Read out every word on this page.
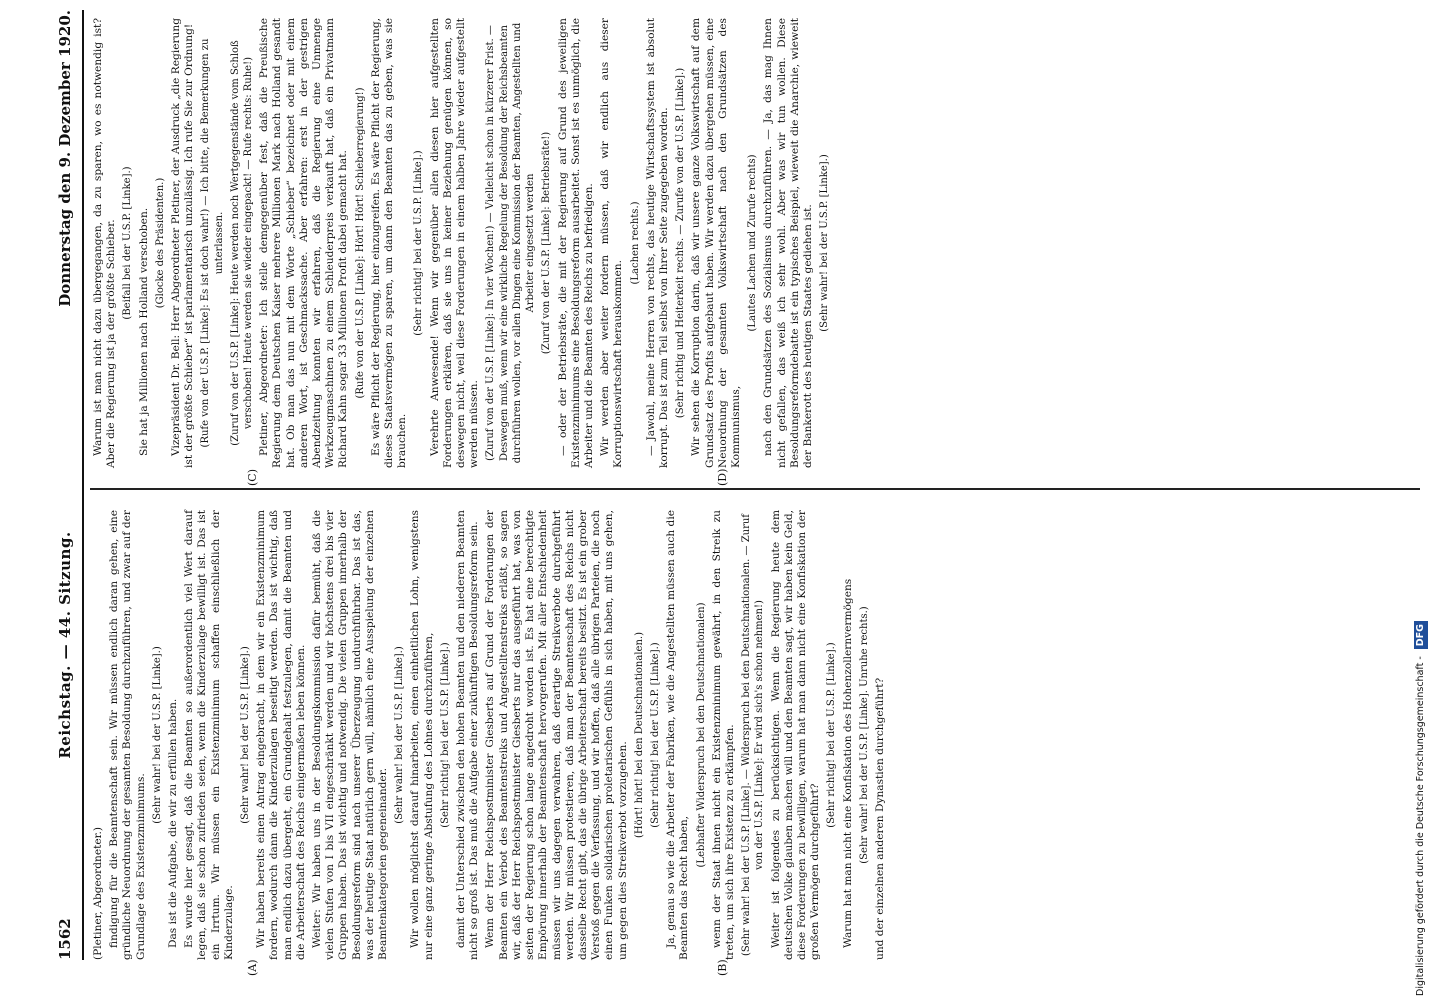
1562
Reichstag. — 44. Sitzung.
Donnerstag den 9. Dezember 1920.
(A)	(B)
(C)	(D)

(Pletiner, Abgeordneter.) findigung für die Beamtenschaft sein. Wir müssen endlich daran gehen, eine gründliche Neuordnung der gesamten Besoldung durchzuführen, und zwar auf der Grundlage des Existenzminimums.

(Sehr wahr! bei der U.S.P. [Linke].) Das ist die Aufgabe, die wir zu erfüllen haben. Es wurde hier gesagt, daß die Beamten so außerordentlich viel Wert darauf legen, daß sie schon zufrieden seien, wenn die Kinderzulage bewilligt ist. Das ist ein Irrtum. Wir müssen ein Existenzminimum schaffen einschließlich der Kinderzulage.

(Sehr wahr! bei der U.S.P. [Linke].) Wir haben bereits einen Antrag eingebracht, in dem wir ein Existenzminimum fordern, wodurch dann die Kinderzulagen beseitigt werden. Das ist wichtig, daß man endlich dazu übergeht, ein Grundgehalt festzulegen, damit die Beamten und die Arbeiterschaft des Reichs einigermaßen leben können. Weiter: Wir haben uns in der Besoldungskommission dafür bemüht, daß die vielen Stufen von I bis VII eingeschränkt werden und wir höchstens drei bis vier Gruppen haben. Das ist wichtig und notwendig. Die vielen Gruppen innerhalb der Besoldungsreform sind nach unserer Überzeugung undurchführbar. Das ist das, was der heutige Staat natürlich gern will, nämlich eine Ausspielung der einzelnen Beamtenkategorien gegeneinander.

(Sehr wahr! bei der U.S.P. [Linke].) Wir wollen möglichst darauf hinarbeiten, einen einheitlichen Lohn, wenigstens nur eine ganz geringe Abstufung des Lohnes durchzuführen, (Sehr richtig! bei der U.S.P. [Linke].) damit der Unterschied zwischen den hohen Beamten und den niederen Beamten nicht so groß ist. Das muß die Aufgabe einer zukünftigen Besoldungsreform sein. Wenn der Herr Reichspostminister Giesberts auf Grund der Forderungen der Beamten ein Verbot des Beamtenstreiks und Angestelltenstreiks erläßt, so sagen wir, daß der Herr Reichspostminister Giesberts nur das ausgeführt hat, was von seiten der Regierung schon lange angedroht worden ist. Es hat eine berechtigte Empörung innerhalb der Beamtenschaft hervorgerufen. Mit aller Entschiedenheit müssen wir uns dagegen verwahren, daß derartige Streikverbote durchgeführt werden. Wir müssen protestieren, daß man der Beamtenschaft des Reichs nicht dasselbe Recht gibt, das die übrige Arbeiterschaft bereits besitzt. Es ist ein grober Verstoß gegen die Verfassung, und wir hoffen, daß alle übrigen Parteien, die noch einen Funken solidarischen proletarischen Gefühls in sich haben, mit uns gehen, um gegen dies Streikverbot vorzugehen.

(Hört! hört! bei den Deutschnationalen.) (Sehr richtig! bei der U.S.P. [Linke].) Ja, genau so wie die Arbeiter der Fabriken, wie die Angestellten müssen auch die Beamten das Recht haben,

(Lebhafter Widerspruch bei den Deutschnationalen) wenn der Staat ihnen nicht ein Existenzminimum gewährt, in den Streik zu treten, um sich ihre Existenz zu erkämpfen. (Sehr wahr! bei der U.S.P. [Linke]. — Widerspruch bei den Deutschnationalen. — Zuruf von der U.S.P. [Linke]: Er wird sich's schon nehmen!) Weiter ist folgendes zu berücksichtigen. Wenn die Regierung heute dem deutschen Volke glauben machen will und den Beamten sagt, wir haben kein Geld, diese Forderungen zu bewilligen, warum hat man dann nicht eine Konfiskation der großen Vermögen durchgeführt?

(Sehr richtig! bei der U.S.P. [Linke].) Warum hat man nicht eine Konfiskation des Hohenzollernvermögens (Sehr wahr! bei der U.S.P. [Linke]. Unruhe rechts.) und der einzelnen anderen Dynastien durchgeführt?

Warum ist man nicht dazu übergegangen, da zu sparen, wo es notwendig ist? Aber die Regierung ist ja der größte Schieber. (Beifall bei der U.S.P. [Linke].) Sie hat ja Millionen nach Holland verschoben. (Glocke des Präsidenten.) Vizepräsident Dr. Bell: Herr Abgeordneter Pletiner, der Ausdruck „die Regierung ist der größte Schieber“ ist parlamentarisch unzulässig. Ich rufe Sie zur Ordnung! (Rufe von der U.S.P. [Linke]: Es ist doch wahr!) — Ich bitte, die Bemerkungen zu unterlassen. (Zuruf von der U.S.P. [Linke]: Heute werden noch Wertgegenstände vom Schloß verschoben! Heute werden sie wieder eingepackt! — Rufe rechts: Ruhe!) Pletiner, Abgeordneter: Ich stelle demgegenüber fest, daß die Preußische Regierung dem Deutschen Kaiser mehrere Millionen Mark nach Holland gesandt hat. Ob man das nun mit dem Worte „Schieber“ bezeichnet oder mit einem anderen Wort, ist Geschmackssache. Aber erfahren: erst in der gestrigen Abendzeitung konnten wir erfahren, daß die Regierung eine Unmenge Werkzeugmaschinen zu einem Schleuderpreis verkauft hat, daß ein Privatmann Richard Kahn sogar 33 Millionen Profit dabei gemacht hat. (Rufe von der U.S.P. [Linke]: Hört! Hört! Schieberregierung!) Es wäre Pflicht der Regierung, hier einzugreifen. Es wäre Pflicht der Regierung, dieses Staatsvermögen zu sparen, um dann den Beamten das zu geben, was sie brauchen.

(Sehr richtig! bei der U.S.P. [Linke].) Verehrte Anwesende! Wenn wir gegenüber allen diesen hier aufgestellten Forderungen erklären, daß sie uns in keiner Beziehung genügen können, so deswegen nicht, weil diese Forderungen in einem halben Jahre wieder aufgestellt werden müssen. (Zuruf von der U.S.P. [Linke]: In vier Wochen!) — Vielleicht schon in kürzerer Frist. — Deswegen muß, wenn wir eine wirkliche Regelung der Besoldung der Reichsbeamten durchführen wollen, vor allen Dingen eine Kommission der Beamten, Angestellten und Arbeiter eingesetzt werden (Zuruf von der U.S.P. [Linke]: Betriebsräte!) — oder der Betriebsräte, die mit der Regierung auf Grund des jeweiligen Existenzminimums eine Besoldungsreform ausarbeitet. Sonst ist es unmöglich, die Arbeiter und die Beamten des Reichs zu befriedigen. Wir werden aber weiter fordern müssen, daß wir endlich aus dieser Korruptionswirtschaft herauskommen.

(Lachen rechts.) — Jawohl, meine Herren von rechts, das heutige Wirtschaftssystem ist absolut korrupt. Das ist zum Teil selbst von Ihrer Seite zugegeben worden. (Sehr richtig und Heiterkeit rechts. — Zurufe von der U.S.P. [Linke].) Wir sehen die Korruption darin, daß wir unsere ganze Volkswirtschaft auf dem Grundsatz des Profits aufgebaut haben. Wir werden dazu übergehen müssen, eine Neuordnung der gesamten Volkswirtschaft nach den Grundsätzen des Kommunismus,

(Lautes Lachen und Zurufe rechts) nach den Grundsätzen des Sozialismus durchzuführen. — Ja, das mag Ihnen nicht gefallen, das weiß ich sehr wohl. Aber was wir tun wollen. Diese Besoldungsreformdebatte ist ein typisches Beispiel, wieweit die Anarchie, wieweit der Bankerott des heutigen Staates gediehen ist. (Sehr wahr! bei der U.S.P. [Linke].)

Digitalisierung gefördert durch die Deutsche Forschungsgemeinschaft - DFG
